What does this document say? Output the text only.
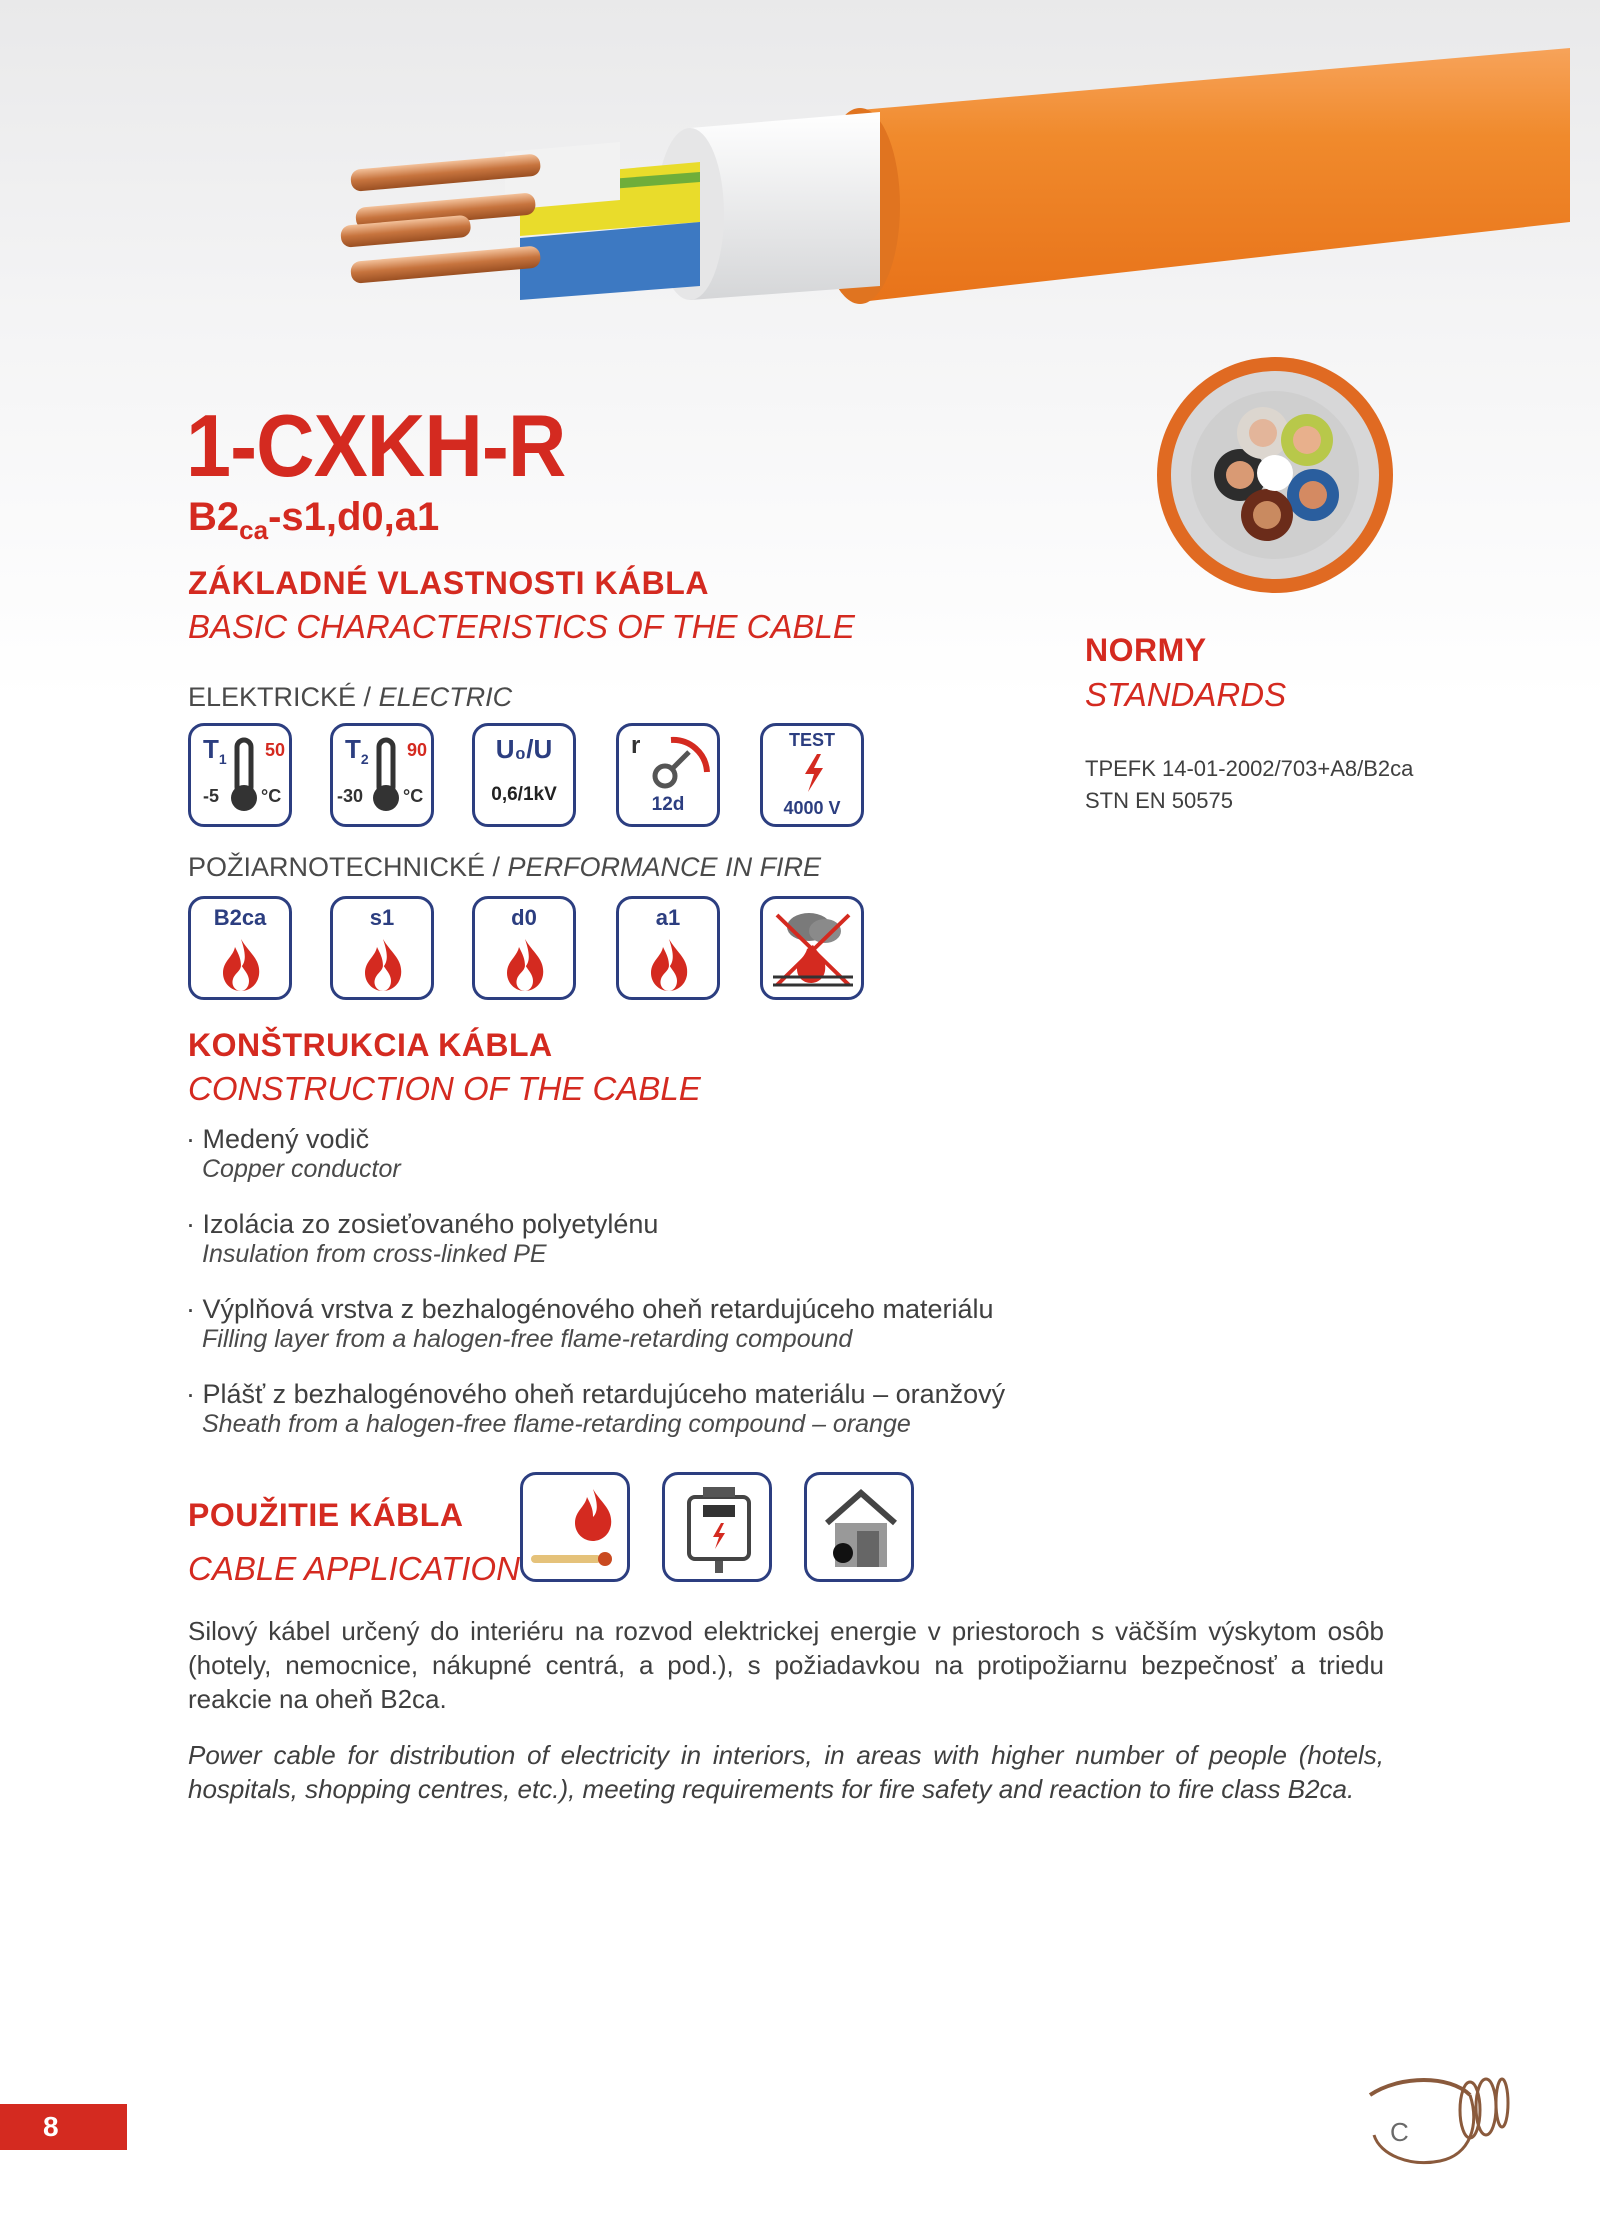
1-CXKH-R
$B2_{ca}-s1,d0,a1$
ZÁKLADNÉ VLASTNOSTI KÁBLA
BASIC CHARACTERISTICS OF THE CABLE
ELEKTRICKÉ / ELECTRIC
$T_1$ 50
-5 °C
$T_2$ 90
-30 °C
U₀/U
0,6/1kV
r
12d
TEST
4000 V
POŽIARNOTECHNICKÉ / PERFORMANCE IN FIRE
B2ca	s1	d0	a1
NORMY
STANDARDS
TPEFK 14-01-2002/703+A8/B2ca
STN EN 50575
KONŠTRUKCIA KÁBLA
CONSTRUCTION OF THE CABLE
· Medený vodič
Copper conductor
· Izolácia zo zosieťovaného polyetylénu
Insulation from cross-linked PE
· Výplňová vrstva z bezhalogénového oheň retardujúceho materiálu
Filling layer from a halogen-free flame-retarding compound
· Plášť z bezhalogénového oheň retardujúceho materiálu – oranžový
Sheath from a halogen-free flame-retarding compound – orange
POUŽITIE KÁBLA
CABLE APPLICATION
Silový kábel určený do interiéru na rozvod elektrickej energie v priestoroch s väčším výskytom osôb (hotely, nemocnice, nákupné centrá, a pod.), s požiadavkou na protipožiarnu bezpečnosť a triedu reakcie na oheň B2ca.
Power cable for distribution of electricity in interiors, in areas with higher number of people (hotels, hospitals, shopping centres, etc.), meeting requirements for fire safety and reaction to fire class B2ca.
8	C
